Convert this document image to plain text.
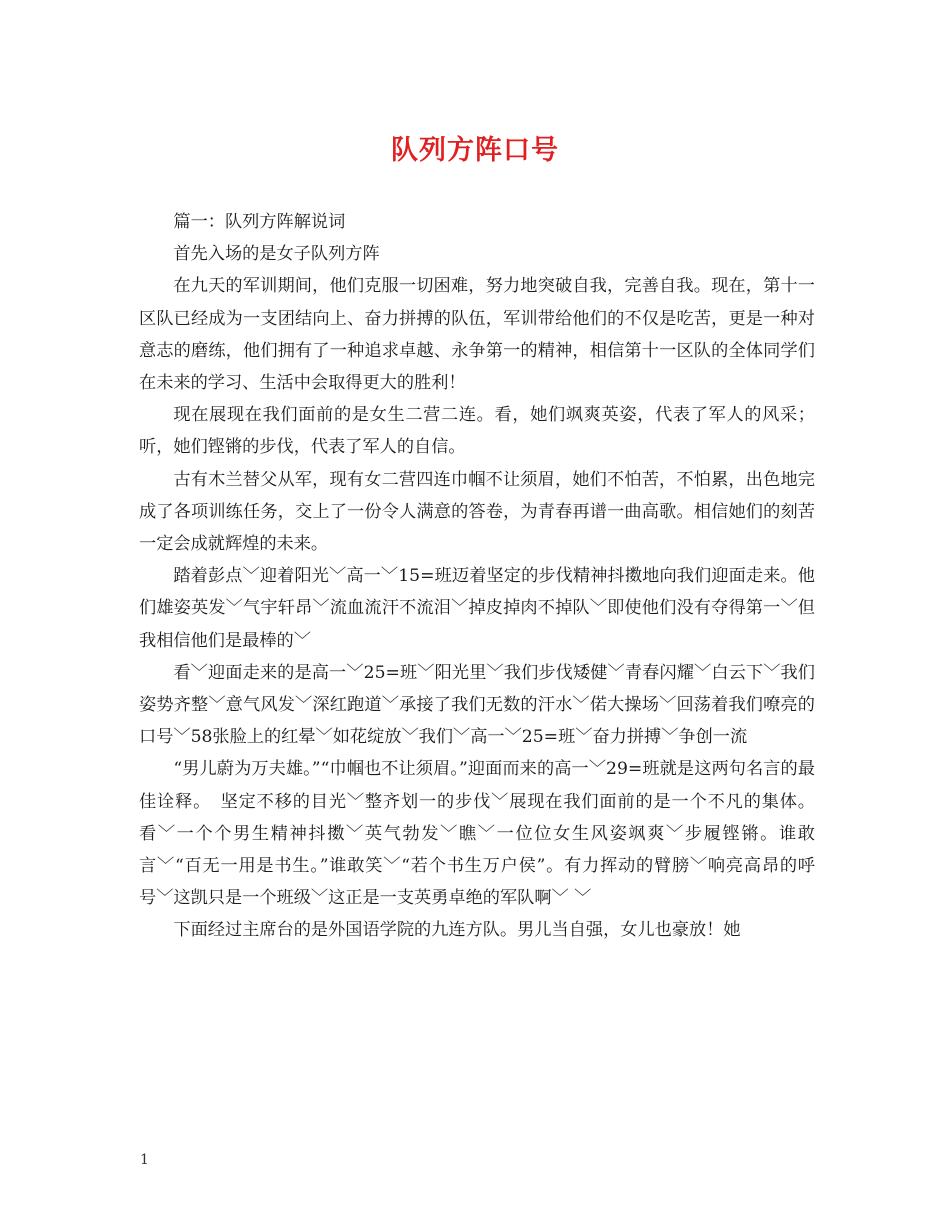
队列方阵口号

篇一：队列方阵解说词

首先入场的是女子队列方阵

在九天的军训期间，他们克服一切困难，努力地突破自我，完善自我。现在，第十一区队已经成为一支团结向上、奋力拼搏的队伍，军训带给他们的不仅是吃苦，更是一种对意志的磨练，他们拥有了一种追求卓越、永争第一的精神，相信第十一区队的全体同学们在未来的学习、生活中会取得更大的胜利！

现在展现在我们面前的是女生二营二连。看，她们飒爽英姿，代表了军人的风采；听，她们铿锵的步伐，代表了军人的自信。

古有木兰替父从军，现有女二营四连巾帼不让须眉，她们不怕苦，不怕累，出色地完成了各项训练任务，交上了一份令人满意的答卷，为青春再谱一曲高歌。相信她们的刻苦一定会成就辉煌的未来。

踏着彭点﹀迎着阳光﹀高一﹀15=班迈着坚定的步伐精神抖擞地向我们迎面走来。他们雄姿英发﹀气宇轩昂﹀流血流汗不流泪﹀掉皮掉肉不掉队﹀即使他们没有夺得第一﹀但我相信他们是最棒的﹀

看﹀迎面走来的是高一﹀25=班﹀阳光里﹀我们步伐矮健﹀青春闪耀﹀白云下﹀我们姿势齐整﹀意气风发﹀深红跑道﹀承接了我们无数的汗水﹀偌大操场﹀回荡着我们嘹亮的口号﹀58张脸上的红晕﹀如花绽放﹀我们﹀高一﹀25=班﹀奋力拼搏﹀争创一流

“男儿蔚为万夫雄。”“巾帼也不让须眉。”迎面而来的高一﹀29=班就是这两句名言的最佳诠释。　坚定不移的目光﹀整齐划一的步伐﹀展现在我们面前的是一个不凡的集体。看﹀一个个男生精神抖擞﹀英气勃发﹀瞧﹀一位位女生风姿飒爽﹀步履铿锵。谁敢言﹀“百无一用是书生。”谁敢笑﹀“若个书生万户侯”。有力挥动的臂膀﹀响亮高昂的呼号﹀这凯只是一个班级﹀这正是一支英勇卓绝的军队啊﹀ ﹀

下面经过主席台的是外国语学院的九连方队。男儿当自强，女儿也豪放！她

1
